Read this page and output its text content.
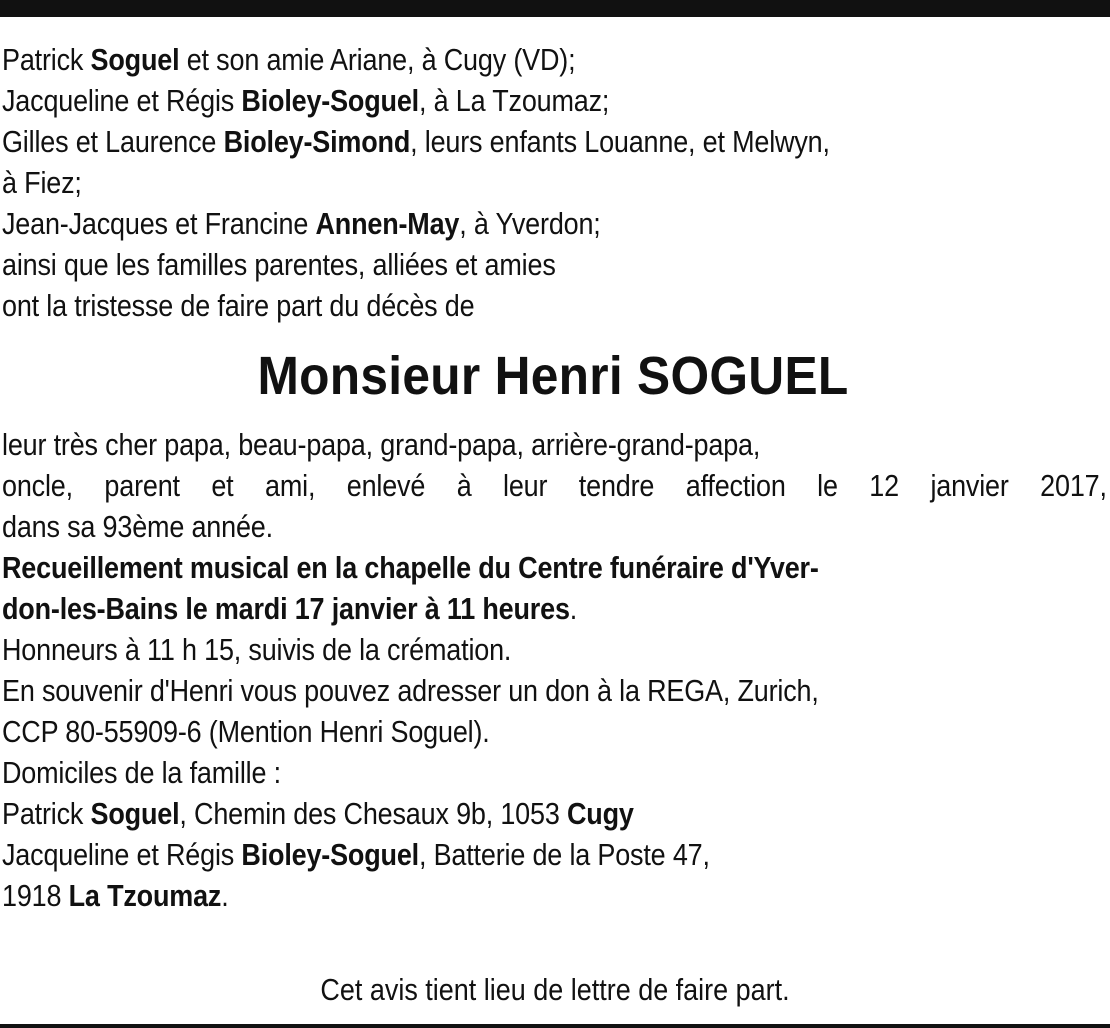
Patrick Soguel et son amie Ariane, à Cugy (VD);
Jacqueline et Régis Bioley-Soguel, à La Tzoumaz;
Gilles et Laurence Bioley-Simond, leurs enfants Louanne, et Melwyn,
à Fiez;
Jean-Jacques et Francine Annen-May, à Yverdon;
ainsi que les familles parentes, alliées et amies
ont la tristesse de faire part du décès de
Monsieur Henri SOGUEL
leur très cher papa, beau-papa, grand-papa, arrière-grand-papa,
oncle, parent et ami, enlevé à leur tendre affection le 12 janvier 2017,
dans sa 93ème année.
Recueillement musical en la chapelle du Centre funéraire d'Yver-
don-les-Bains le mardi 17 janvier à 11 heures.
Honneurs à 11 h 15, suivis de la crémation.
En souvenir d'Henri vous pouvez adresser un don à la REGA, Zurich,
CCP 80-55909-6 (Mention Henri Soguel).
Domiciles de la famille :
Patrick Soguel, Chemin des Chesaux 9b, 1053 Cugy
Jacqueline et Régis Bioley-Soguel, Batterie de la Poste 47,
1918 La Tzoumaz.
Cet avis tient lieu de lettre de faire part.
